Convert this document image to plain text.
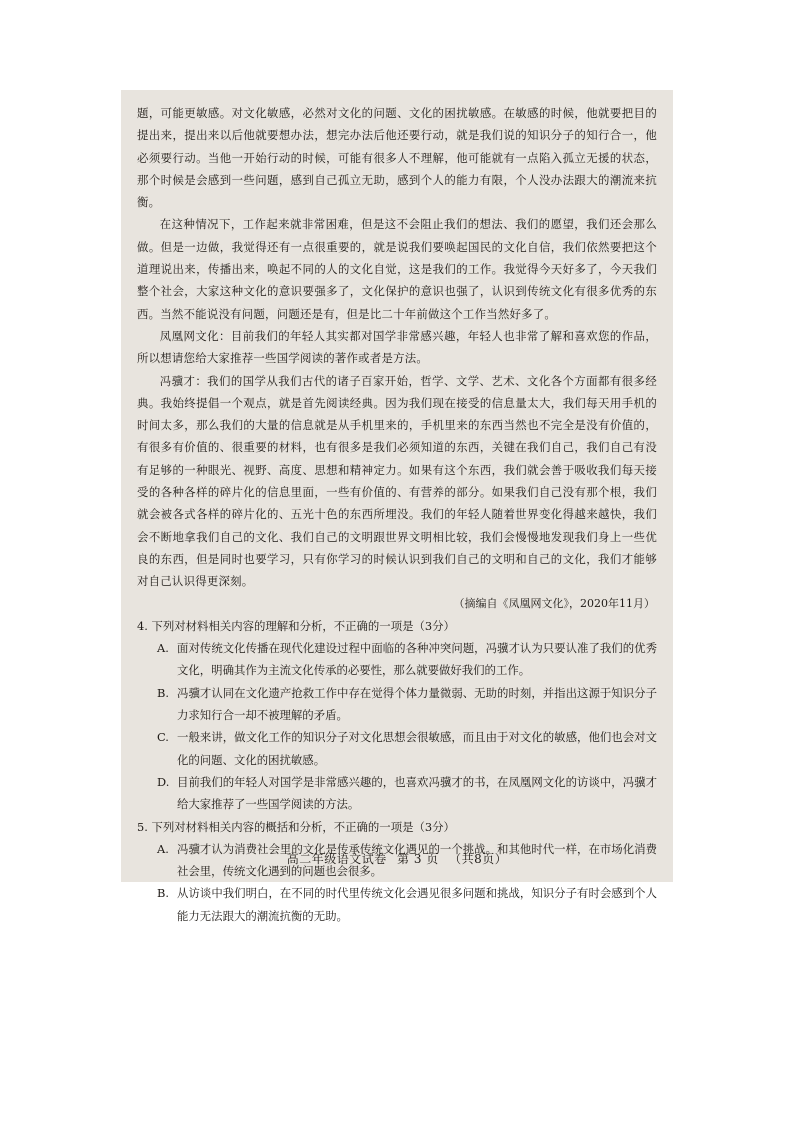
题，可能更敏感。对文化敏感，必然对文化的问题、文化的困扰敏感。在敏感的时候，他就要把目的提出来，提出来以后他就要想办法，想完办法后他还要行动，就是我们说的知识分子的知行合一，他必须要行动。当他一开始行动的时候，可能有很多人不理解，他可能就有一点陷入孤立无援的状态，那个时候是会感到一些问题，感到自己孤立无助，感到个人的能力有限，个人没办法跟大的潮流来抗衡。

在这种情况下，工作起来就非常困难，但是这不会阻止我们的想法、我们的愿望，我们还会那么做。但是一边做，我觉得还有一点很重要的，就是说我们要唤起国民的文化自信，我们依然要把这个道理说出来，传播出来，唤起不同的人的文化自觉，这是我们的工作。我觉得今天好多了，今天我们整个社会，大家这种文化的意识要强多了，文化保护的意识也强了，认识到传统文化有很多优秀的东西。当然不能说没有问题，问题还是有，但是比二十年前做这个工作当然好多了。

凤凰网文化：目前我们的年轻人其实都对国学非常感兴趣，年轻人也非常了解和喜欢您的作品，所以想请您给大家推荐一些国学阅读的著作或者是方法。

冯骥才：我们的国学从我们古代的诸子百家开始，哲学、文学、艺术、文化各个方面都有很多经典。我始终提倡一个观点，就是首先阅读经典。因为我们现在接受的信息量太大，我们每天用手机的时间太多，那么我们的大量的信息就是从手机里来的，手机里来的东西当然也不完全是没有价值的，有很多有价值的、很重要的材料，也有很多是我们必须知道的东西，关键在我们自己，我们自己有没有足够的一种眼光、视野、高度、思想和精神定力。如果有这个东西，我们就会善于吸收我们每天接受的各种各样的碎片化的信息里面，一些有价值的、有营养的部分。如果我们自己没有那个根，我们就会被各式各样的碎片化的、五光十色的东西所埋没。我们的年轻人随着世界变化得越来越快，我们会不断地拿我们自己的文化、我们自己的文明跟世界文明相比较，我们会慢慢地发现我们身上一些优良的东西，但是同时也要学习，只有你学习的时候认识到我们自己的文明和自己的文化，我们才能够对自己认识得更深刻。

（摘编自《凤凰网文化》，2020年11月）

4. 下列对材料相关内容的理解和分析，不正确的一项是（3分）

A. 面对传统文化传播在现代化建设过程中面临的各种冲突问题，冯骥才认为只要认准了我们的优秀文化，明确其作为主流文化传承的必要性，那么就要做好我们的工作。

B. 冯骥才认同在文化遗产抢救工作中存在觉得个体力量微弱、无助的时刻，并指出这源于知识分子力求知行合一却不被理解的矛盾。

C. 一般来讲，做文化工作的知识分子对文化思想会很敏感，而且由于对文化的敏感，他们也会对文化的问题、文化的困扰敏感。

D. 目前我们的年轻人对国学是非常感兴趣的，也喜欢冯骥才的书，在凤凰网文化的访谈中，冯骥才给大家推荐了一些国学阅读的方法。

5. 下列对材料相关内容的概括和分析，不正确的一项是（3分）

A. 冯骥才认为消费社会里的文化是传承传统文化遇见的一个挑战。和其他时代一样，在市场化消费社会里，传统文化遇到的问题也会很多。

B. 从访谈中我们明白，在不同的时代里传统文化会遇见很多问题和挑战，知识分子有时会感到个人能力无法跟大的潮流抗衡的无助。

高二年级语文试卷 第 3 页 （共8页）
